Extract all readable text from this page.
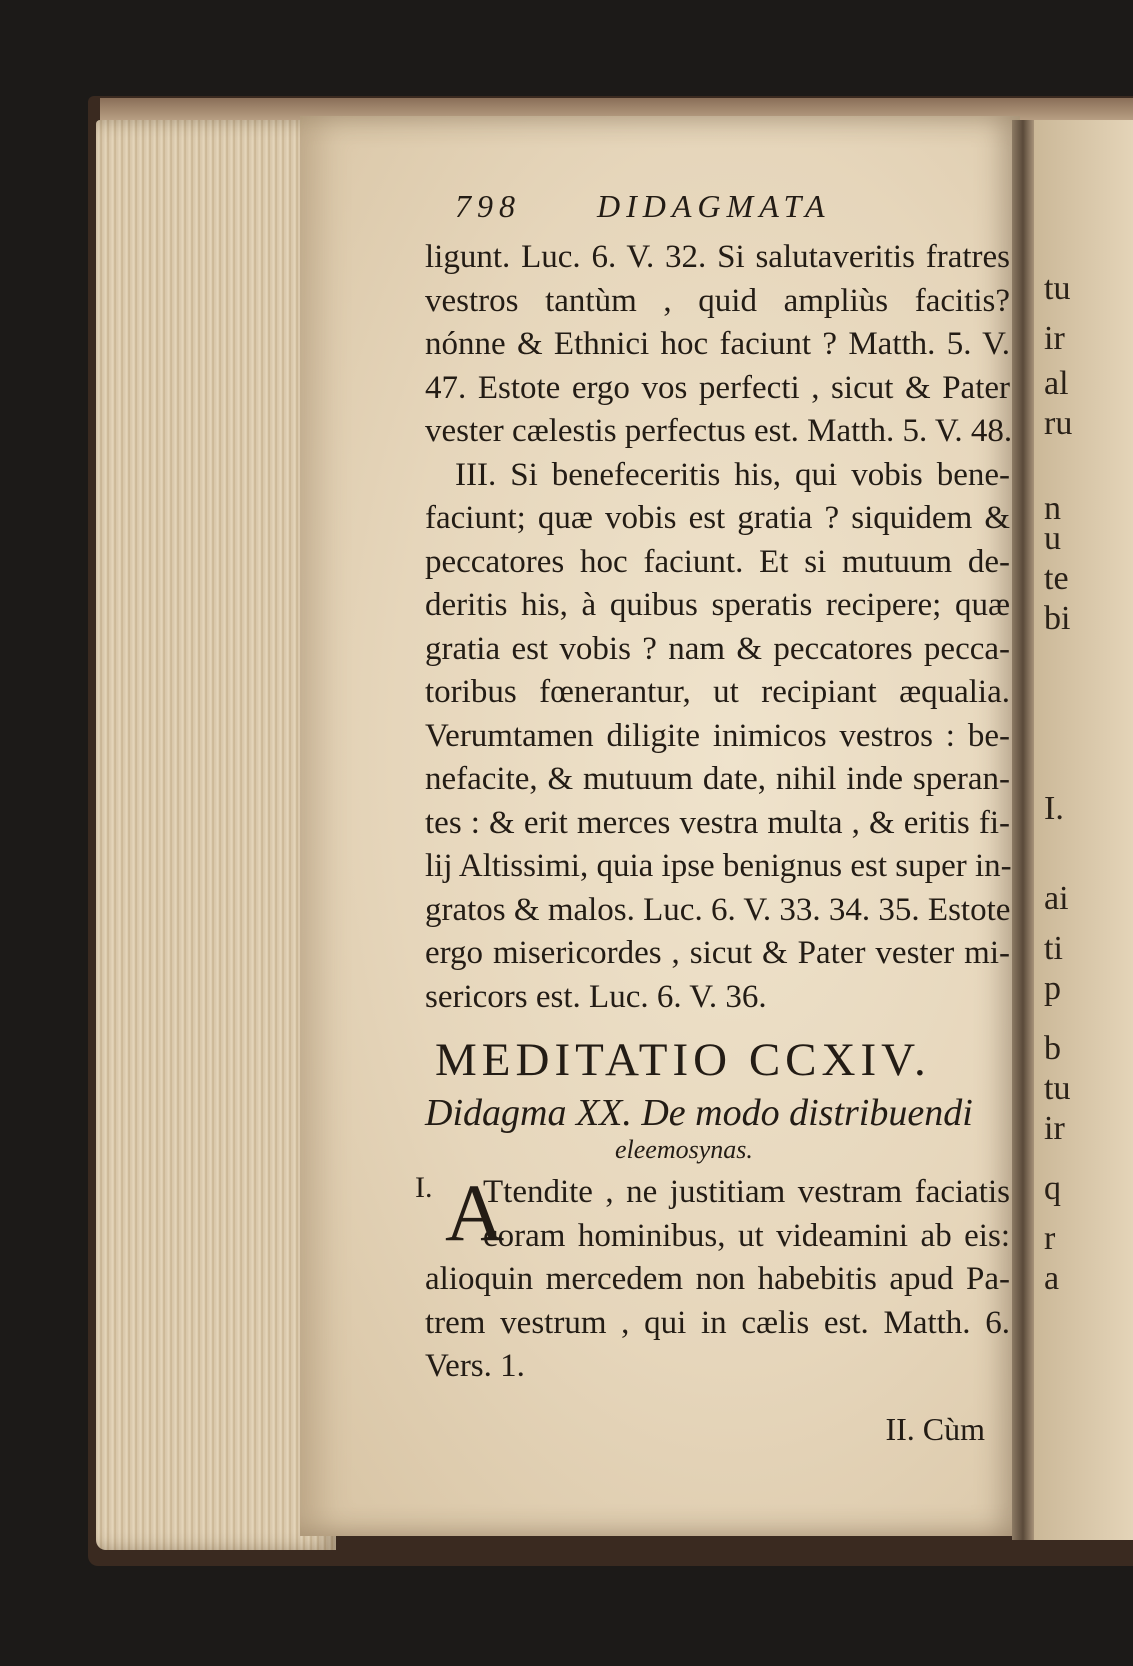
tu
ir
al
ru
n
u
te
bi
I.
ai
ti
p
b
tu
ir
q
r
a
798 DIDAGMATA
ligunt. Luc. 6. V. 32. Si salutaveritis fratres
vestros tantùm , quid ampliùs facitis?
nónne & Ethnici hoc faciunt ? Matth. 5. V.
47. Estote ergo vos perfecti , sicut & Pater
vester cælestis perfectus est. Matth. 5. V. 48.
III. Si benefeceritis his, qui vobis bene-
faciunt; quæ vobis est gratia ? siquidem &
peccatores hoc faciunt. Et si mutuum de-
deritis his, à quibus speratis recipere; quæ
gratia est vobis ? nam & peccatores pecca-
toribus fœnerantur, ut recipiant æqualia.
Verumtamen diligite inimicos vestros : be-
nefacite, & mutuum date, nihil inde speran-
tes : & erit merces vestra multa , & eritis fi-
lij Altissimi, quia ipse benignus est super in-
gratos & malos. Luc. 6. V. 33. 34. 35. Estote
ergo misericordes , sicut & Pater vester mi-
sericors est. Luc. 6. V. 36.
MEDITATIO CCXIV.
Didagma XX. De modo distribuendi
eleemosynas.
A
I. Ttendite , ne justitiam vestram faciatis
coram hominibus, ut videamini ab eis:
alioquin mercedem non habebitis apud Pa-
trem vestrum , qui in cælis est. Matth. 6.
Vers. 1.
II. Cùm
